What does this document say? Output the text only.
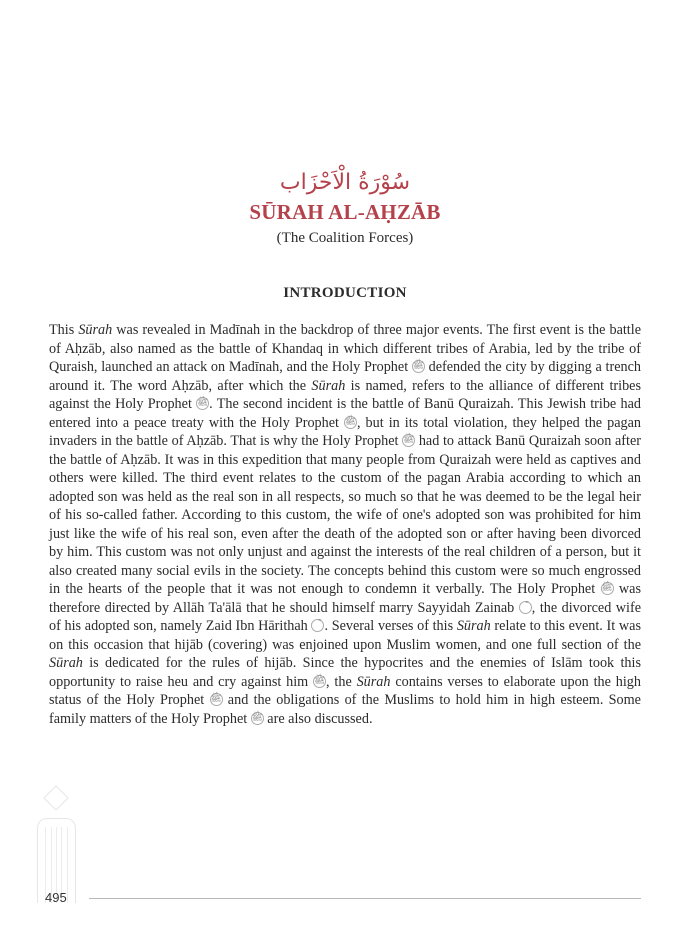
سُوْرَةُ الْاَحْزَاب
SŪRAH AL-AḤZĀB
(The Coalition Forces)
INTRODUCTION

This Sūrah was revealed in Madīnah in the backdrop of three major events. The first event is the battle of Aḥzāb, also named as the battle of Khandaq in which different tribes of Arabia, led by the tribe of Quraish, launched an attack on Madīnah, and the Holy Prophet ﷺ defended the city by digging a trench around it. The word Aḥzāb, after which the Sūrah is named, refers to the alliance of different tribes against the Holy Prophet ﷺ. The second incident is the battle of Banū Quraizah. This Jewish tribe had entered into a peace treaty with the Holy Prophet ﷺ, but in its total violation, they helped the pagan invaders in the battle of Aḥzāb. That is why the Holy Prophet ﷺ had to attack Banū Quraizah soon after the battle of Aḥzāb. It was in this expedition that many people from Quraizah were held as captives and others were killed. The third event relates to the custom of the pagan Arabia according to which an adopted son was held as the real son in all respects, so much so that he was deemed to be the legal heir of his so-called father. According to this custom, the wife of one's adopted son was prohibited for him just like the wife of his real son, even after the death of the adopted son or after having been divorced by him. This custom was not only unjust and against the interests of the real children of a person, but it also created many social evils in the society. The concepts behind this custom were so much engrossed in the hearts of the people that it was not enough to condemn it verbally. The Holy Prophet ﷺ was therefore directed by Allāh Ta'ālā that he should himself marry Sayyidah Zainab , the divorced wife of his adopted son, namely Zaid Ibn Hārithah . Several verses of this Sūrah relate to this event. It was on this occasion that hijāb (covering) was enjoined upon Muslim women, and one full section of the Sūrah is dedicated for the rules of hijāb. Since the hypocrites and the enemies of Islām took this opportunity to raise heu and cry against him ﷺ, the Sūrah contains verses to elaborate upon the high status of the Holy Prophet ﷺ and the obligations of the Muslims to hold him in high esteem. Some family matters of the Holy Prophet ﷺ are also discussed.

495
